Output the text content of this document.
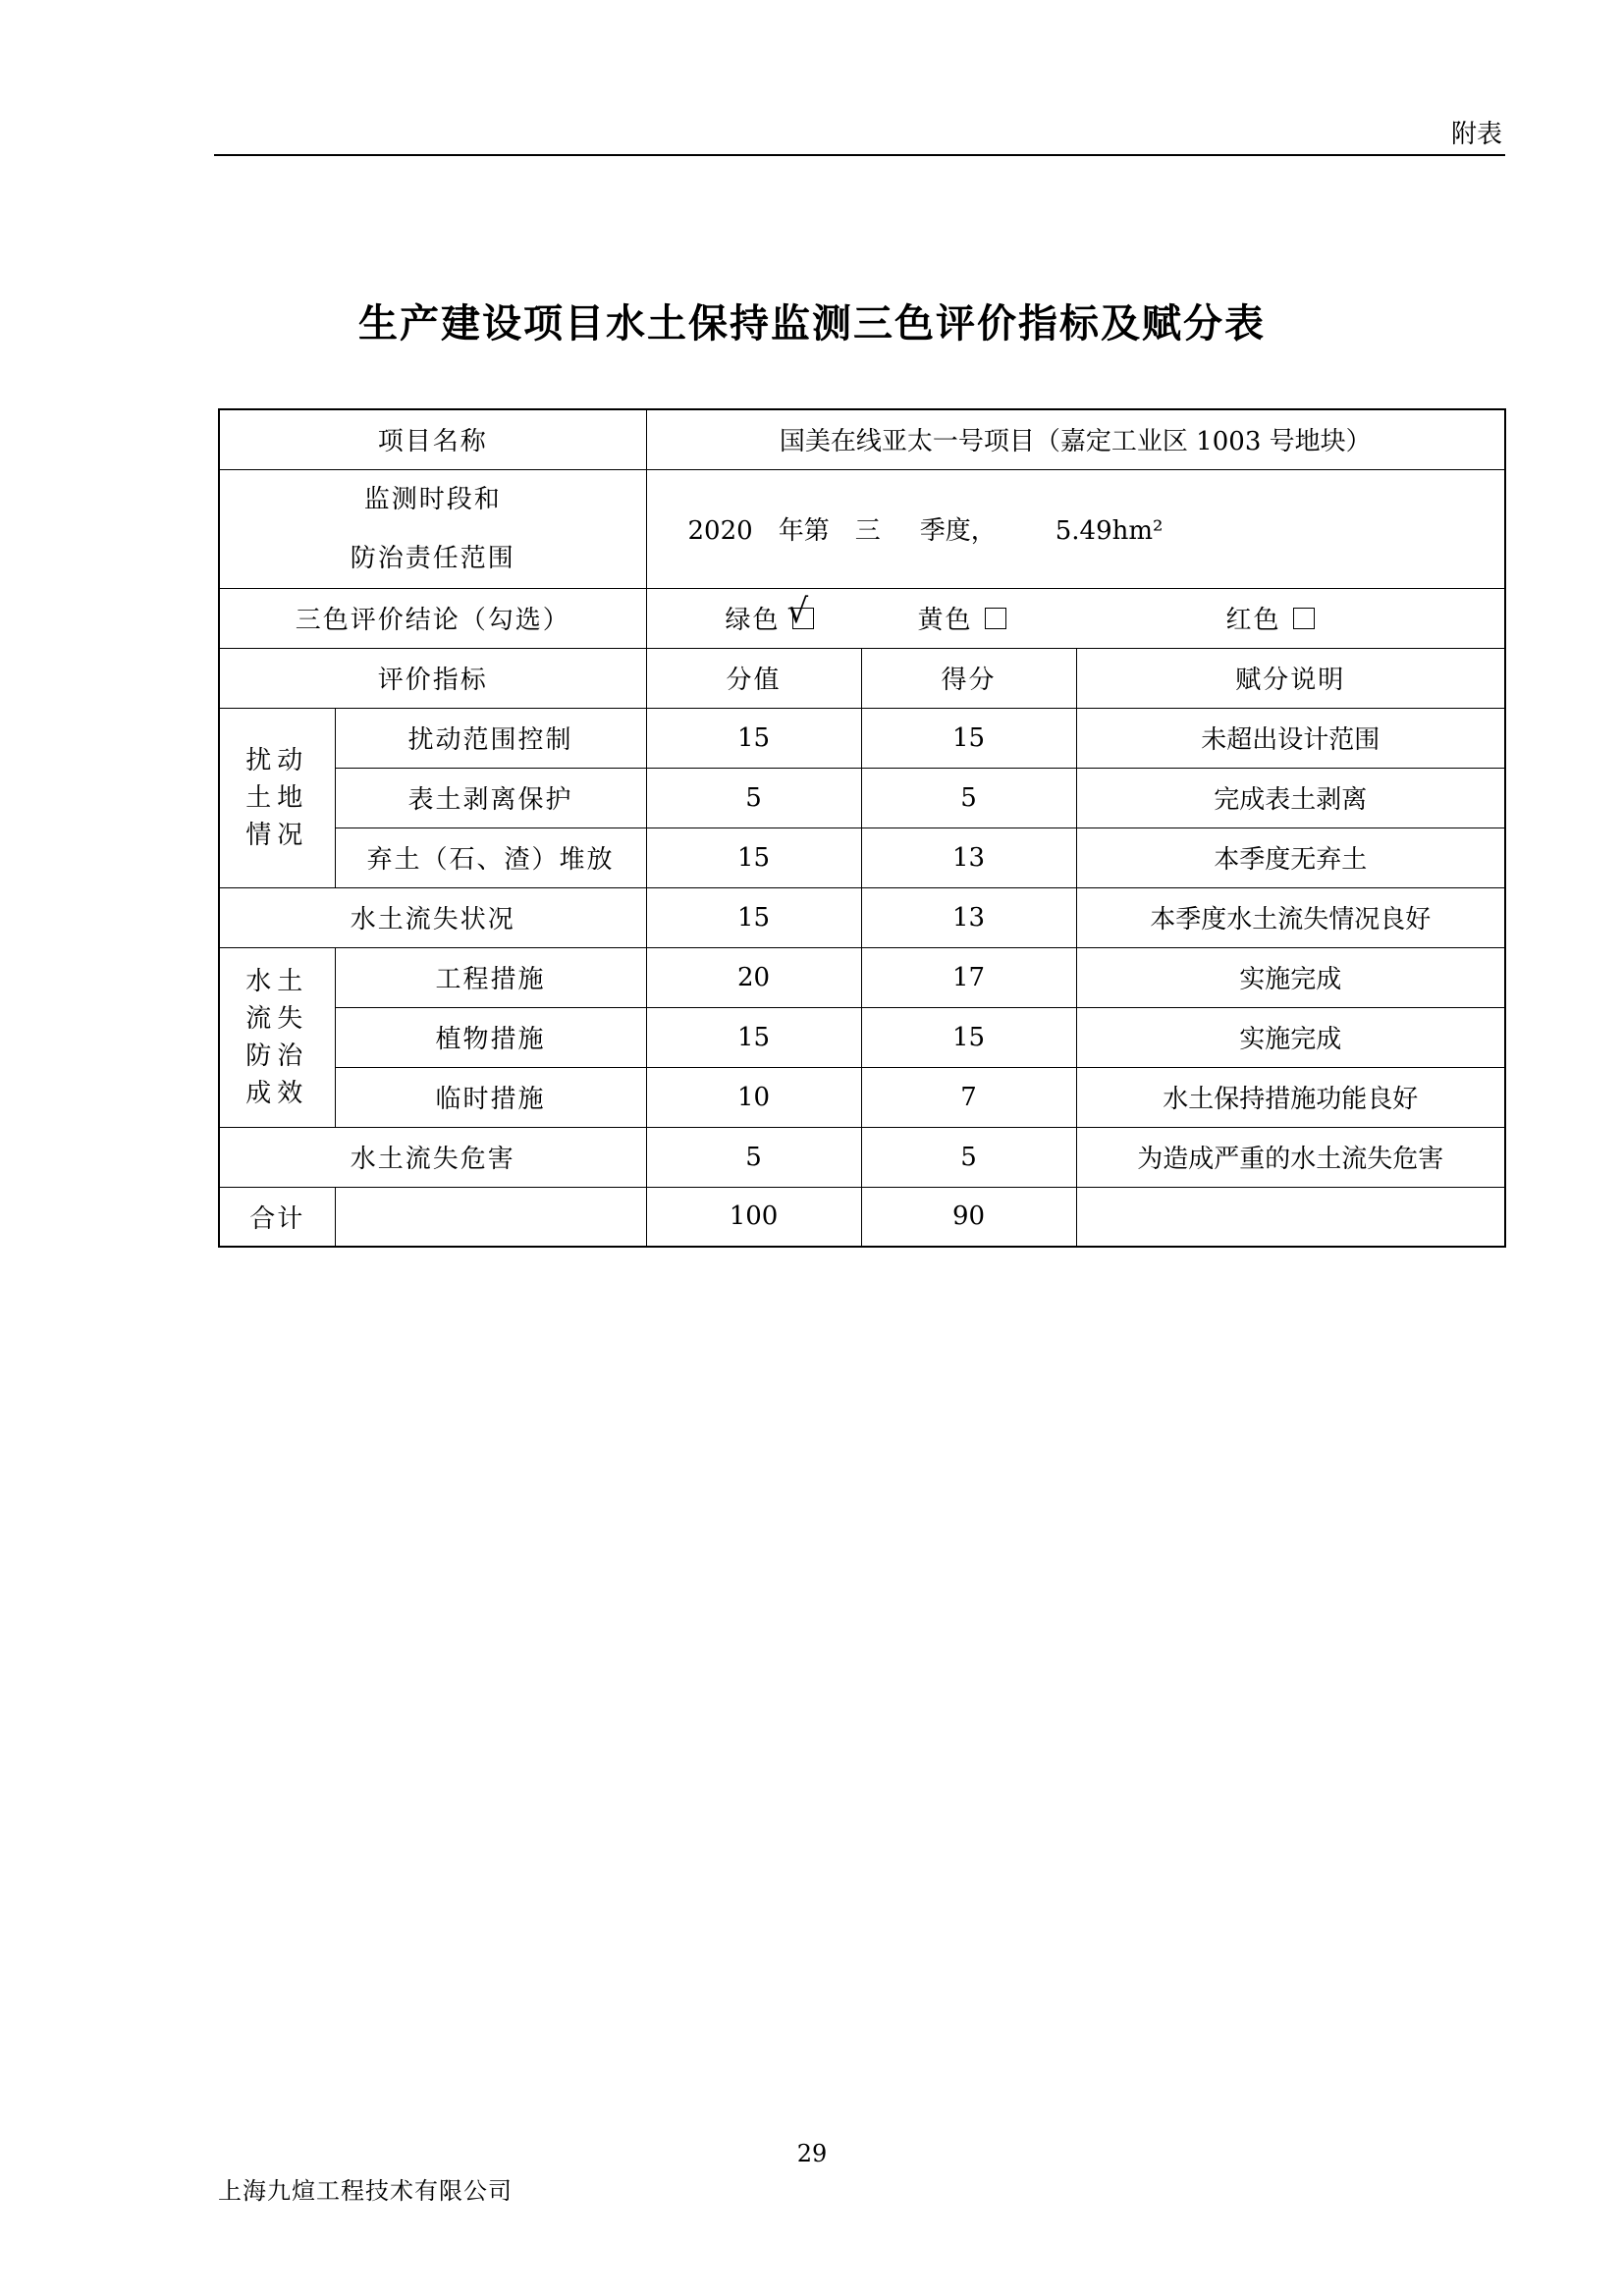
附表
生产建设项目水土保持监测三色评价指标及赋分表
项目名称		国美在线亚太一号项目（嘉定工业区 1003 号地块）		

监测时段和
防治责任范围		2020 年第 三 季度， 5.49hm²		
三色评价结论（勾选）		绿色 √ 黄色 红色		

评价指标		分值	得分	赋分说明

扰动
土地
情况	扰动范围控制	15	15	未超出设计范围
	表土剥离保护	5	5	完成表土剥离
	弃土（石、渣）堆放	15	13	本季度无弃土
水土流失状况		15	13	本季度水土流失情况良好

水土
流失
防治
成效	工程措施	20	17	实施完成
	植物措施	15	15	实施完成
	临时措施	10	7	水土保持措施功能良好
水土流失危害		5	5	为造成严重的水土流失危害
合计		100	90	
29
上海九煊工程技术有限公司
